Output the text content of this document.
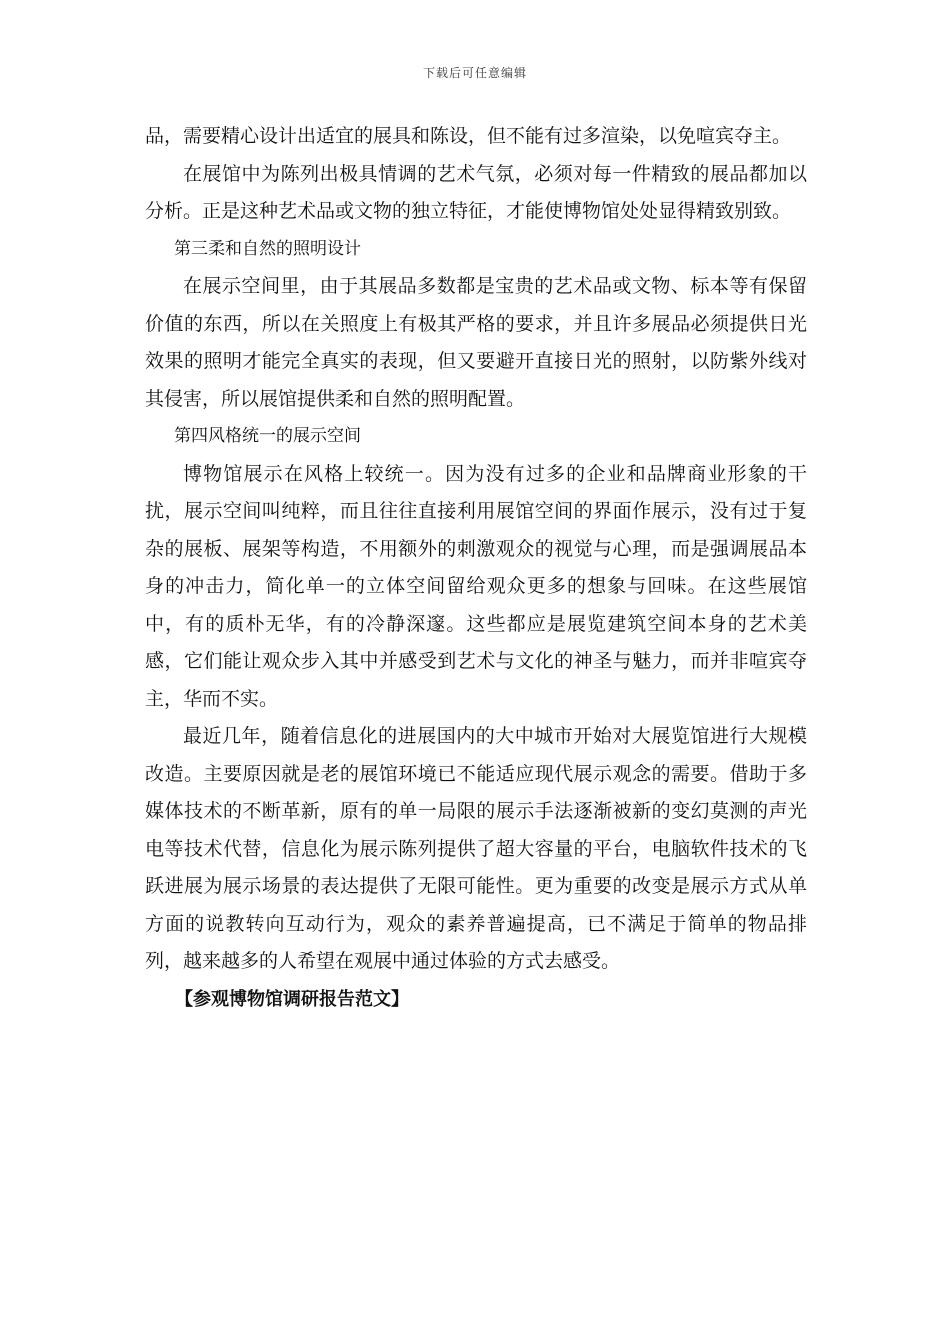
下载后可任意编辑

品，需要精心设计出适宜的展具和陈设，但不能有过多渲染，以免喧宾夺主。

在展馆中为陈列出极具情调的艺术气氛，必须对每一件精致的展品都加以分析。正是这种艺术品或文物的独立特征，才能使博物馆处处显得精致别致。

第三柔和自然的照明设计

在展示空间里，由于其展品多数都是宝贵的艺术品或文物、标本等有保留价值的东西，所以在关照度上有极其严格的要求，并且许多展品必须提供日光效果的照明才能完全真实的表现，但又要避开直接日光的照射，以防紫外线对其侵害，所以展馆提供柔和自然的照明配置。

第四风格统一的展示空间

博物馆展示在风格上较统一。因为没有过多的企业和品牌商业形象的干扰，展示空间叫纯粹，而且往往直接利用展馆空间的界面作展示，没有过于复杂的展板、展架等构造，不用额外的刺激观众的视觉与心理，而是强调展品本身的冲击力，简化单一的立体空间留给观众更多的想象与回味。在这些展馆中，有的质朴无华，有的冷静深邃。这些都应是展览建筑空间本身的艺术美感，它们能让观众步入其中并感受到艺术与文化的神圣与魅力，而并非喧宾夺主，华而不实。

最近几年，随着信息化的进展国内的大中城市开始对大展览馆进行大规模改造。主要原因就是老的展馆环境已不能适应现代展示观念的需要。借助于多媒体技术的不断革新，原有的单一局限的展示手法逐渐被新的变幻莫测的声光电等技术代替，信息化为展示陈列提供了超大容量的平台，电脑软件技术的飞跃进展为展示场景的表达提供了无限可能性。更为重要的改变是展示方式从单方面的说教转向互动行为，观众的素养普遍提高，已不满足于简单的物品排列，越来越多的人希望在观展中通过体验的方式去感受。

【参观博物馆调研报告范文】
